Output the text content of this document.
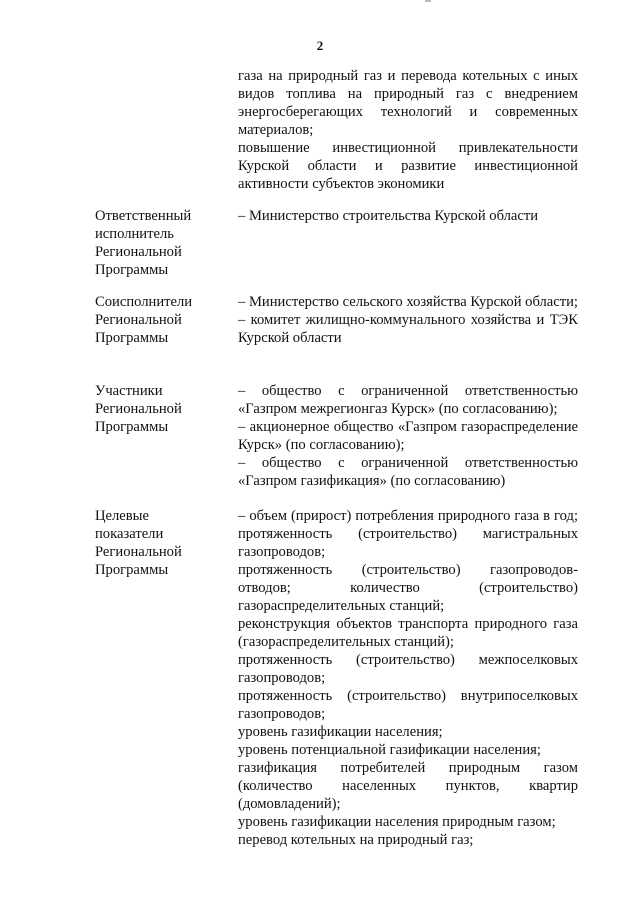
2

газа на природный газ и перевода котельных с иных видов топлива на природный газ с внедрением энергосберегающих технологий и современных материалов;

повышение инвестиционной привлекательности Курской области и развитие инвестиционной активности субъектов экономики

Ответственный
исполнитель
Региональной
Программы

– Министерство строительства Курской области

Соисполнители
Региональной
Программы

– Министерство сельского хозяйства Курской области;

– комитет жилищно-коммунального хозяйства и ТЭК Курской области

Участники
Региональной
Программы

– общество с ограниченной ответственностью «Газпром межрегионгаз Курск» (по согласованию);

– акционерное общество «Газпром газораспределение Курск» (по согласованию);

– общество с ограниченной ответственностью «Газпром газификация» (по согласованию)

Целевые
показатели
Региональной
Программы

– объем (прирост) потребления природного газа в год; протяженность (строительство) магистральных газопроводов;

протяженность (строительство) газопроводов-отводов; количество (строительство) газораспределительных станций;

реконструкция объектов транспорта природного газа (газораспределительных станций);

протяженность (строительство) межпоселковых газопроводов;

протяженность (строительство) внутрипоселковых газопроводов;

уровень газификации населения;

уровень потенциальной газификации населения;

газификация потребителей природным газом (количество населенных пунктов, квартир (домовладений);

уровень газификации населения природным газом;

перевод котельных на природный газ;
